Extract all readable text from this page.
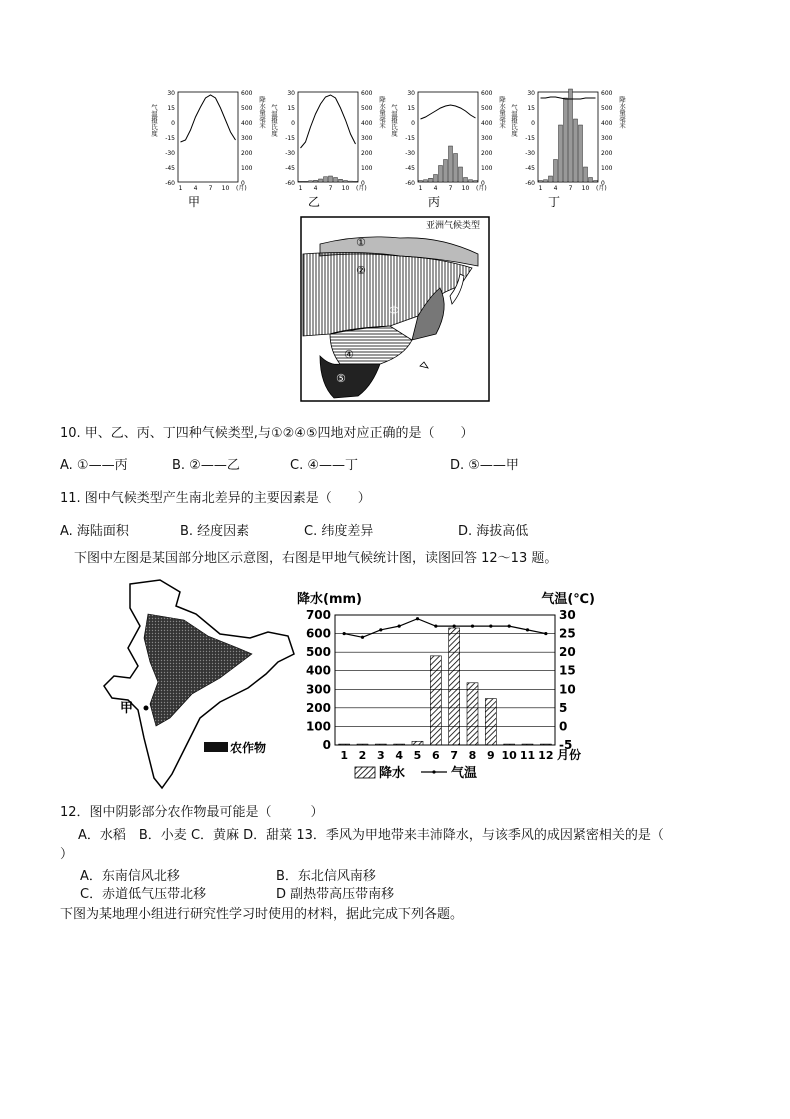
30	600
15	500
0	400
-15	300
-30	200
-45	100
-60	0
气温摄氏度	降水量毫米
1 4 7 10 (月)
甲
30	600
15	500
0	400
-15	300
-30	200
-45	100
-60	0
气温摄氏度	降水量毫米
1 4 7 10 (月)
乙
30	600
15	500
0	400
-15	300
-30	200
-45	100
-60	0
气温摄氏度	降水量毫米
1 4 7 10 (月)
丙
30	600
15	500
0	400
-15	300
-30	200
-45	100
-60	0
气温摄氏度	降水量毫米
1 4 7 10 (月)
丁
亚洲气候类型
①
②
③
④
⑤
10. 甲、乙、丙、丁四种气候类型,与①②④⑤四地对应正确的是（　　）
A. ①——丙	B. ②——乙	C. ④——丁	D. ⑤——甲
11. 图中气候类型产生南北差异的主要因素是（　　）
A. 海陆面积	B. 经度因素	C. 纬度差异	D. 海拔高低
下图中左图是某国部分地区示意图，右图是甲地气候统计图，读图回答 12～13 题。
甲
农作物
降水(mm)	气温(℃)
700	30
600	25
500	20
400	15
300	10
200	5
100	0
0	-5
1 2 3 4 5 6 7 8 9 10 11 12 月份
降水	气温
12．图中阴影部分农作物最可能是（　　　）
A．水稻　B．小麦 C．黄麻 D．甜菜 13．季风为甲地带来丰沛降水，与该季风的成因紧密相关的是（
）
A．东南信风北移	B．东北信风南移
C．赤道低气压带北移	D 副热带高压带南移
下图为某地理小组进行研究性学习时使用的材料，据此完成下列各题。
